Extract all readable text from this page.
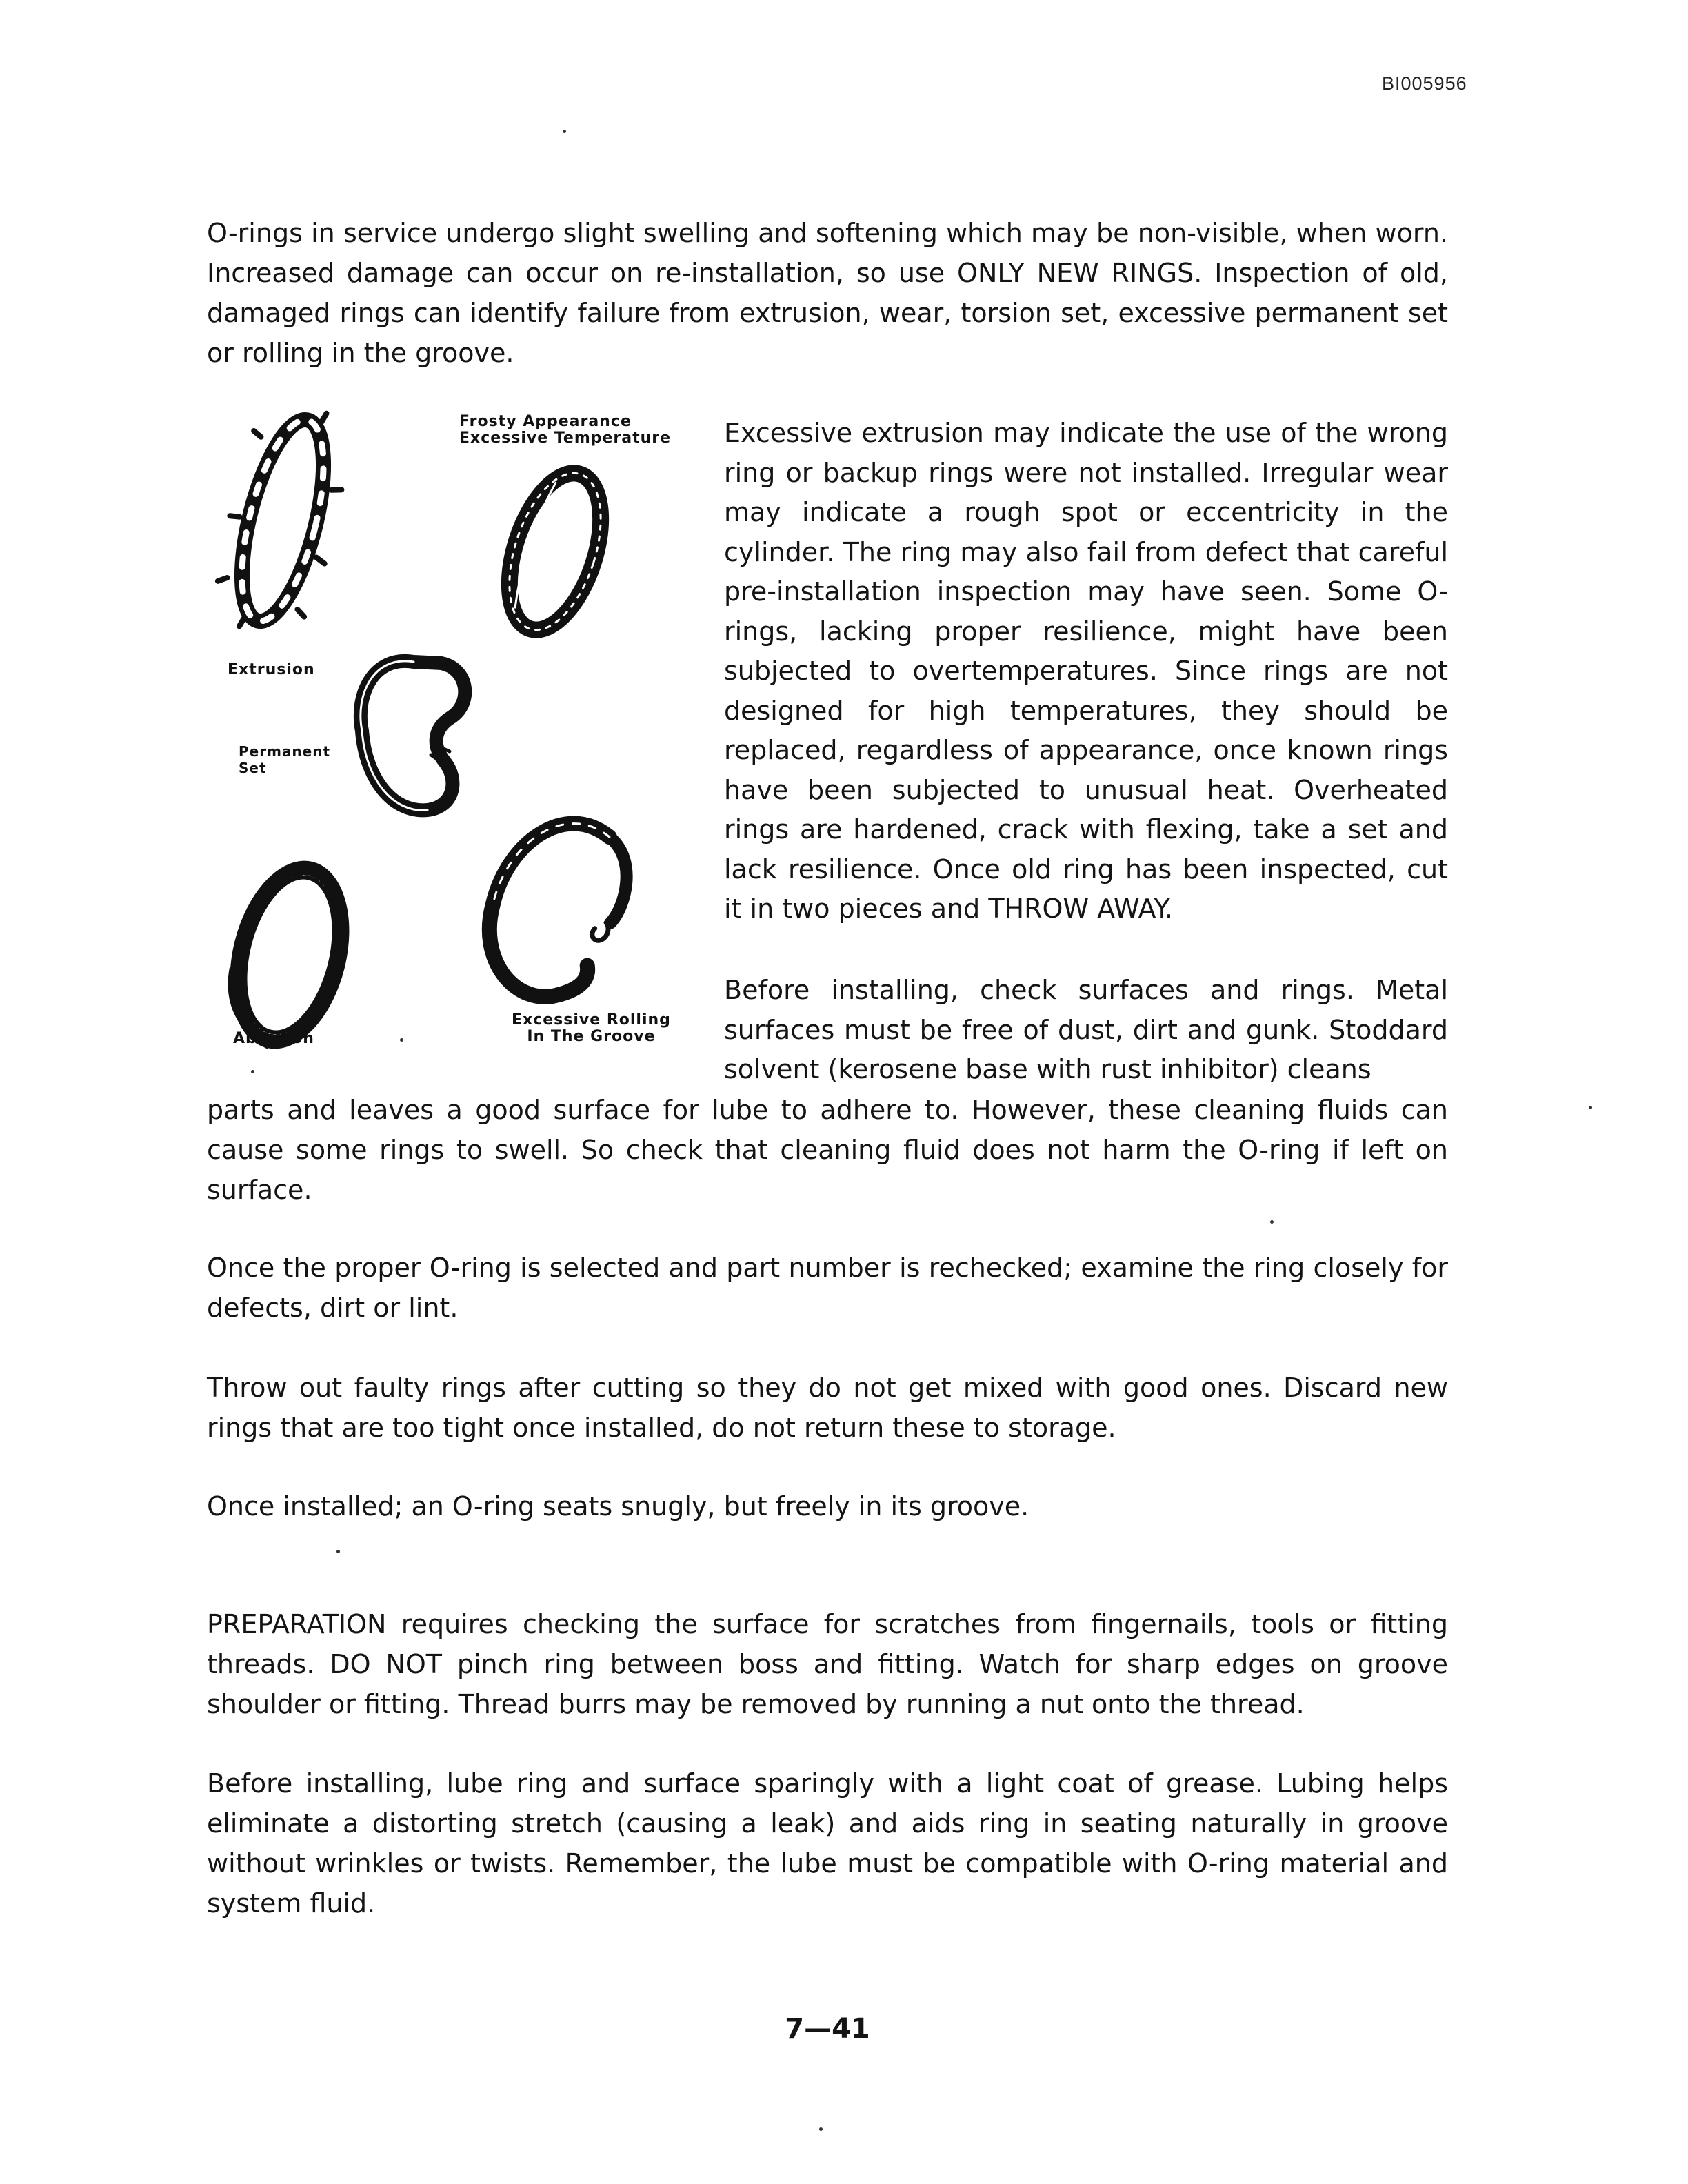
BI005956

O-rings in service undergo slight swelling and softening which may be non-visible, when worn. Increased damage can occur on re-installation, so use ONLY NEW RINGS. Inspection of old, damaged rings can identify failure from extrusion, wear, torsion set, excessive permanent set or rolling in the groove.

Frosty Appearance
Excessive Temperature
Extrusion
Permanent
Set
Abrasion
Excessive Rolling
In The Groove

Excessive extrusion may indicate the use of the wrong ring or backup rings were not installed. Irregular wear may indicate a rough spot or eccentricity in the cylinder. The ring may also fail from defect that careful pre-installation inspection may have seen. Some O-rings, lacking proper resilience, might have been subjected to overtemperatures. Since rings are not designed for high temperatures, they should be replaced, regardless of appearance, once known rings have been subjected to unusual heat. Overheated rings are hardened, crack with flexing, take a set and lack resilience. Once old ring has been inspected, cut it in two pieces and THROW AWAY.

Before installing, check surfaces and rings. Metal surfaces must be free of dust, dirt and gunk. Stoddard solvent (kerosene base with rust inhibitor) cleans

parts and leaves a good surface for lube to adhere to. However, these cleaning fluids can cause some rings to swell. So check that cleaning fluid does not harm the O-ring if left on surface.

Once the proper O-ring is selected and part number is rechecked; examine the ring closely for defects, dirt or lint.

Throw out faulty rings after cutting so they do not get mixed with good ones. Discard new rings that are too tight once installed, do not return these to storage.

Once installed; an O-ring seats snugly, but freely in its groove.

PREPARATION requires checking the surface for scratches from fingernails, tools or fitting threads. DO NOT pinch ring between boss and fitting. Watch for sharp edges on groove shoulder or fitting. Thread burrs may be removed by running a nut onto the thread.

Before installing, lube ring and surface sparingly with a light coat of grease. Lubing helps eliminate a distorting stretch (causing a leak) and aids ring in seating naturally in groove without wrinkles or twists. Remember, the lube must be compatible with O-ring material and system fluid.

7—41
